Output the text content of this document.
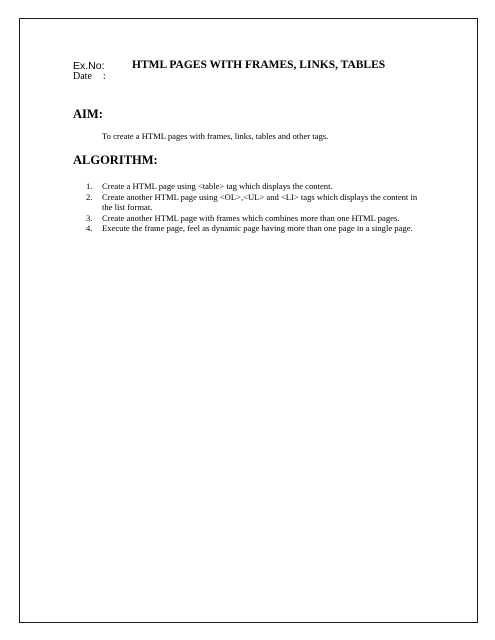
Ex.No: HTML PAGES WITH FRAMES, LINKS, TABLES
Date :
AIM:
To create a HTML pages with frames, links, tables and other tags.
ALGORITHM:
1. Create a HTML page using <table> tag which displays the content.
2. Create another HTML page using <OL>,<UL> and <LI> tags which displays the content in the list format.
3. Create another HTML page with frames which combines more than one HTML pages.
4. Execute the frame page, feel as dynamic page having more than one page in a single page.
